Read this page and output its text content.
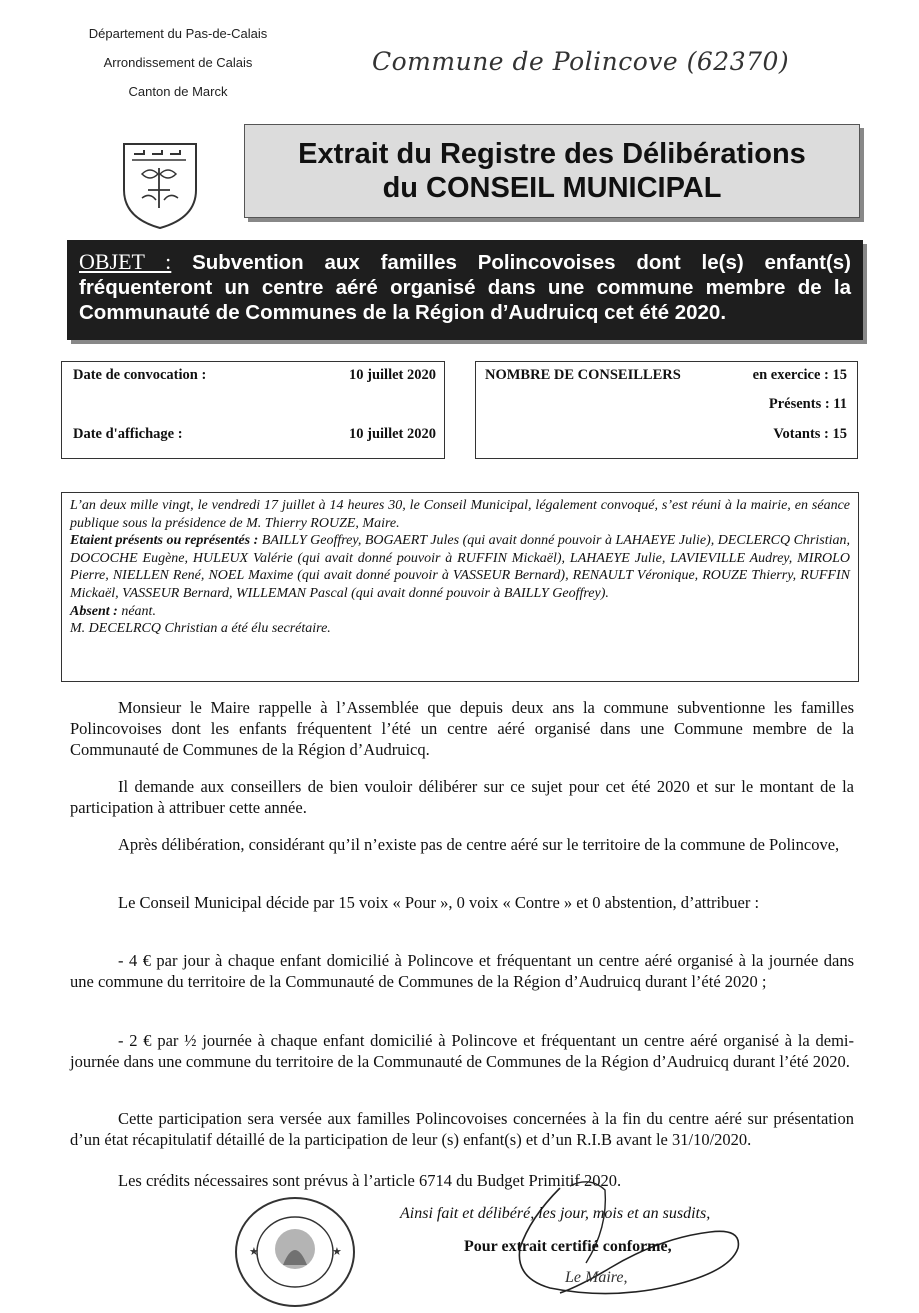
Département du Pas-de-Calais
Arrondissement de Calais
Canton de Marck
Commune de Polincove (62370)
Extrait du Registre des Délibérations
du CONSEIL MUNICIPAL
OBJET : Subvention aux familles Polincovoises dont le(s) enfant(s) fréquenteront un centre aéré organisé dans une commune membre de la Communauté de Communes de la Région d’Audruicq cet été 2020.
Date de convocation :	10 juillet 2020
Date d'affichage :	10 juillet 2020
NOMBRE DE CONSEILLERS	en exercice : 15
Présents : 11
Votants : 15
L’an deux mille vingt, le vendredi 17 juillet à 14 heures 30, le Conseil Municipal, légalement convoqué, s’est réuni à la mairie, en séance publique sous la présidence de M. Thierry ROUZE, Maire.
Etaient présents ou représentés : BAILLY Geoffrey, BOGAERT Jules (qui avait donné pouvoir à LAHAEYE Julie), DECLERCQ Christian, DOCOCHE Eugène, HULEUX Valérie (qui avait donné pouvoir à RUFFIN Mickaël), LAHAEYE Julie, LAVIEVILLE Audrey, MIROLO Pierre, NIELLEN René, NOEL Maxime (qui avait donné pouvoir à VASSEUR Bernard), RENAULT Véronique, ROUZE Thierry, RUFFIN Mickaël, VASSEUR Bernard, WILLEMAN Pascal (qui avait donné pouvoir à BAILLY Geoffrey).
Absent : néant.
M. DECELRCQ Christian a été élu secrétaire.
Monsieur le Maire rappelle à l’Assemblée que depuis deux ans la commune subventionne les familles Polincovoises dont les enfants fréquentent l’été un centre aéré organisé dans une Commune membre de la Communauté de Communes de la Région d’Audruicq.
Il demande aux conseillers de bien vouloir délibérer sur ce sujet pour cet été 2020 et sur le montant de la participation à attribuer cette année.
Après délibération, considérant qu’il n’existe pas de centre aéré sur le territoire de la commune de Polincove,
Le Conseil Municipal décide par 15 voix « Pour », 0 voix « Contre » et 0 abstention, d’attribuer :
- 4 € par jour à chaque enfant domicilié à Polincove et fréquentant un centre aéré organisé à la journée dans une commune du territoire de la Communauté de Communes de la Région d’Audruicq durant l’été 2020 ;
- 2 € par ½ journée à chaque enfant domicilié à Polincove et fréquentant un centre aéré organisé à la demi-journée dans une commune du territoire de la Communauté de Communes de la Région d’Audruicq durant l’été 2020.
Cette participation sera versée aux familles Polincovoises concernées à la fin du centre aéré sur présentation d’un état récapitulatif détaillé de la participation de leur (s) enfant(s) et d’un R.I.B avant le 31/10/2020.
Les crédits nécessaires sont prévus à l’article 6714 du Budget Primitif 2020.
★	★
Ainsi fait et délibéré, les jour, mois et an susdits,
Pour extrait certifié conforme,
Le Maire,
